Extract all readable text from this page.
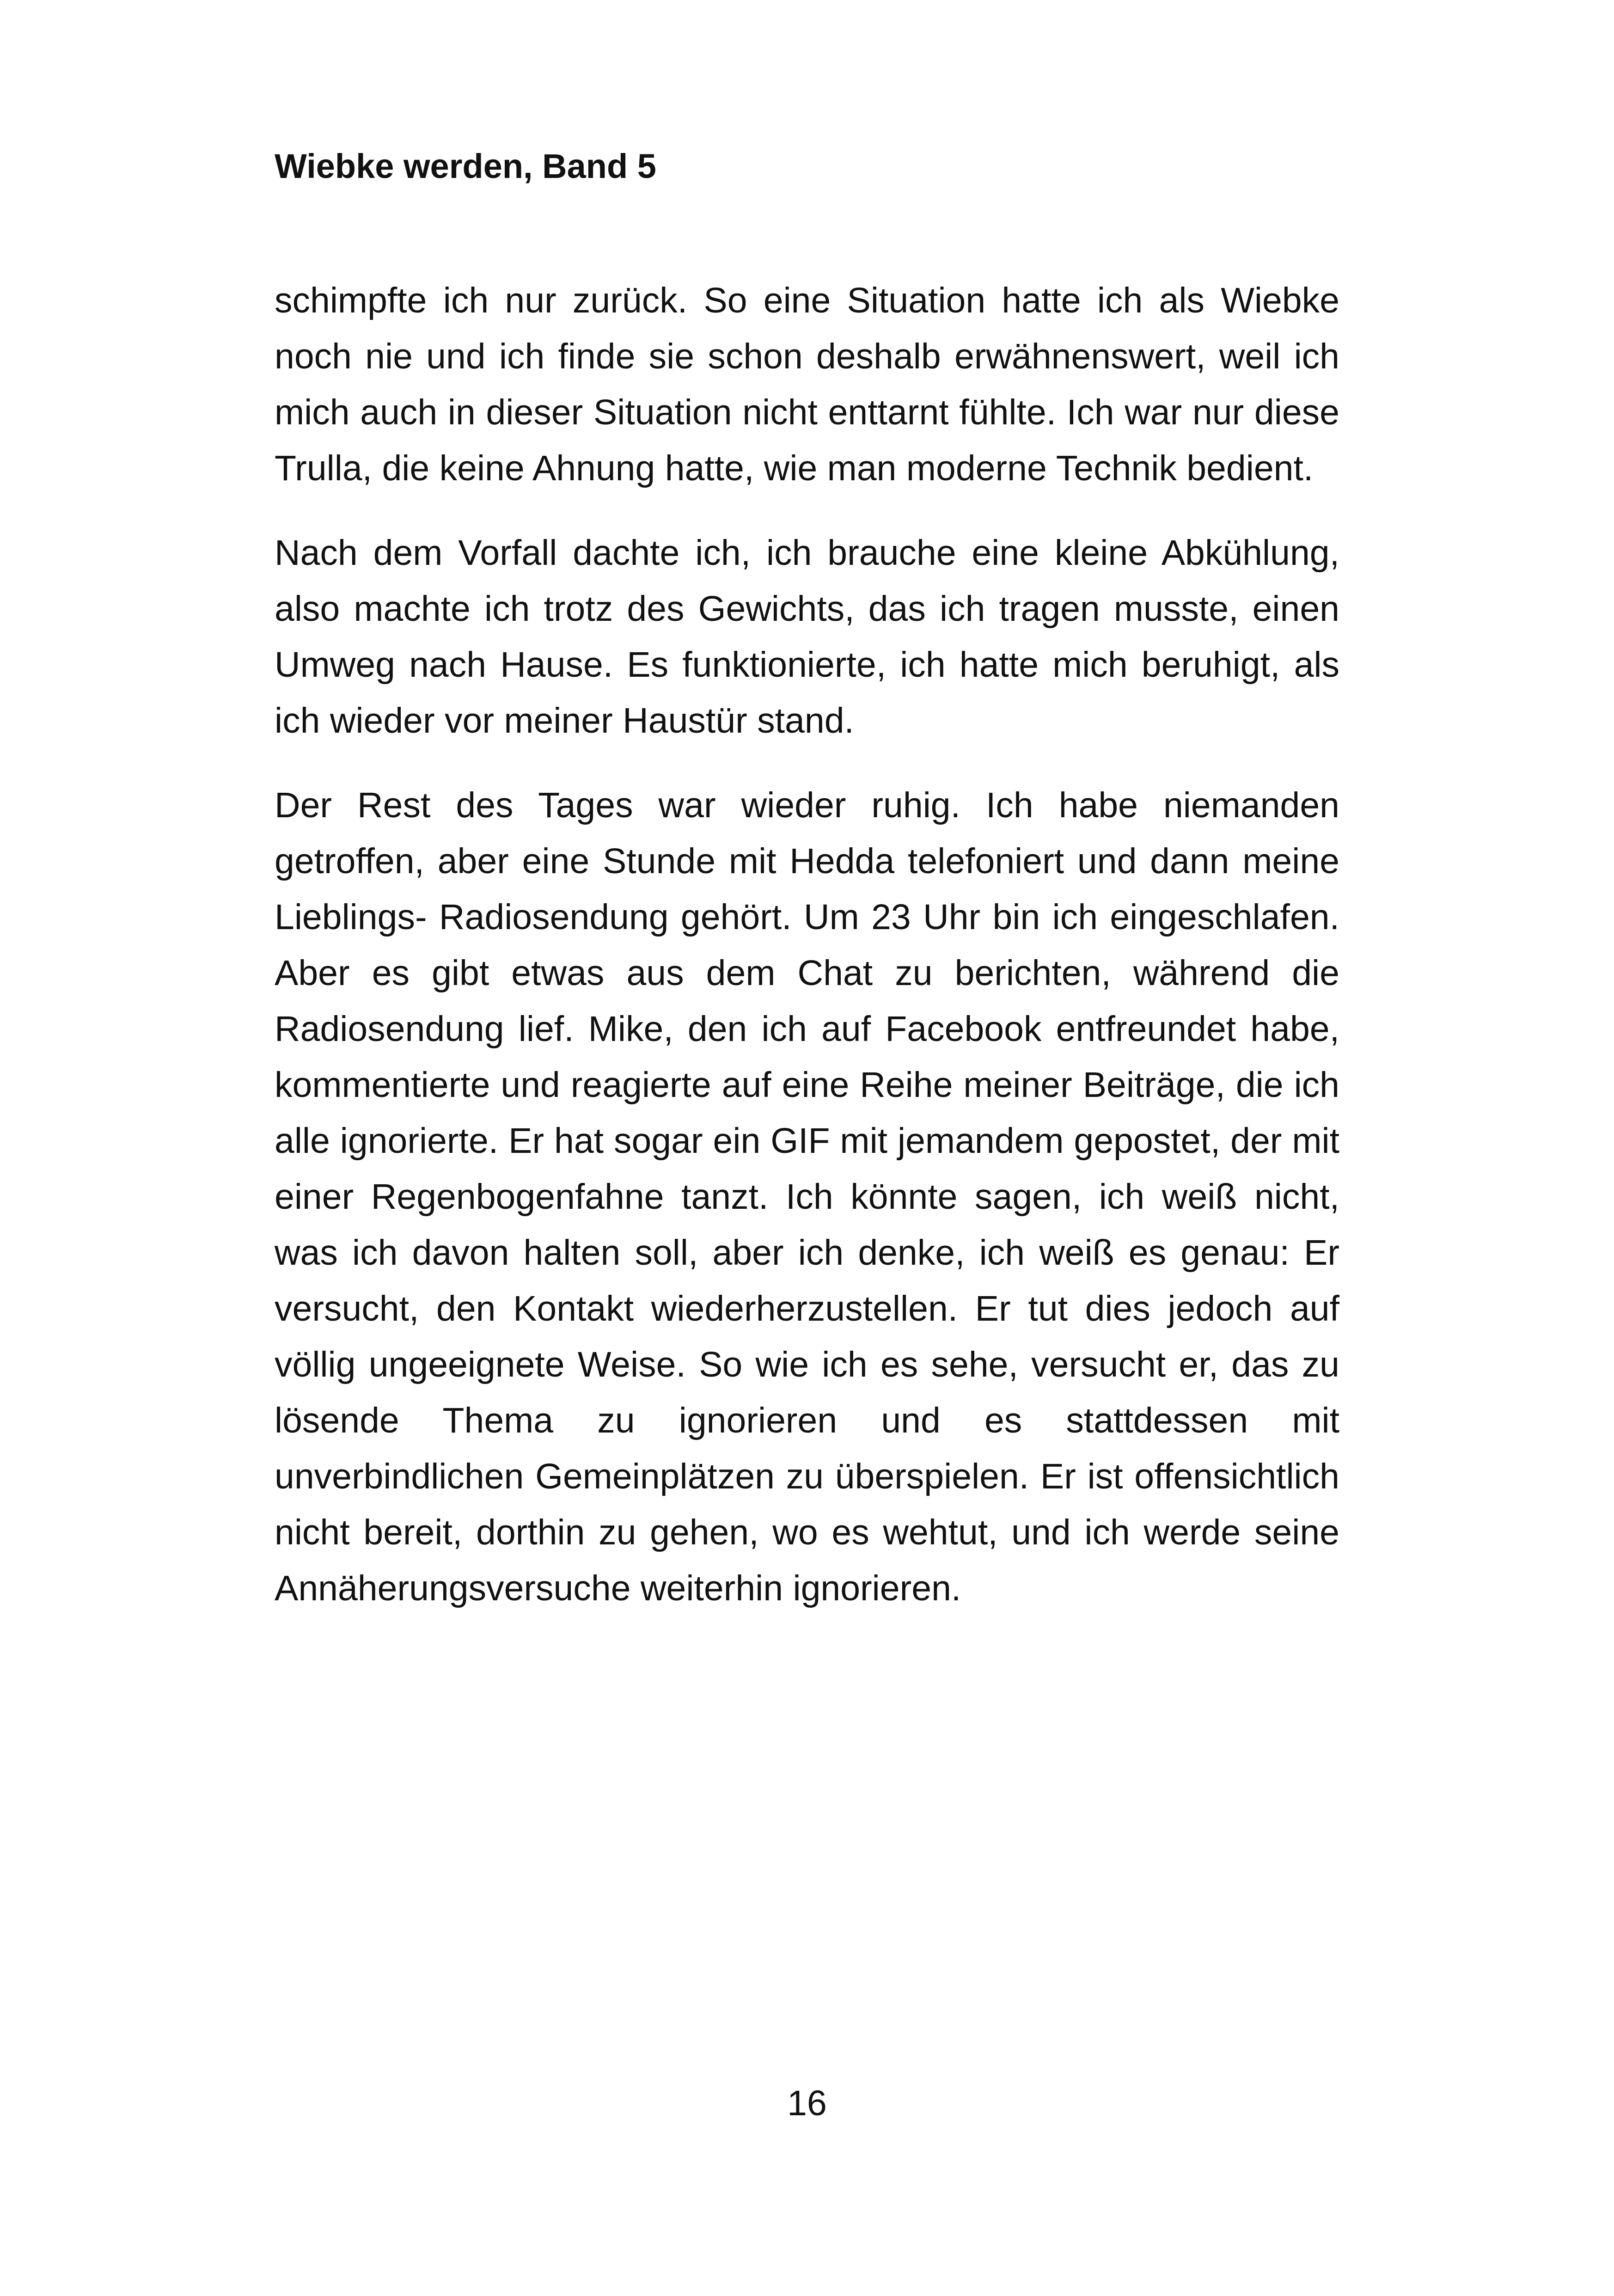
Wiebke werden, Band 5

schimpfte ich nur zurück. So eine Situation hatte ich als Wiebke noch nie und ich finde sie schon deshalb erwähnenswert, weil ich mich auch in dieser Situation nicht enttarnt fühlte. Ich war nur diese Trulla, die keine Ahnung hatte, wie man moderne Technik bedient.

Nach dem Vorfall dachte ich, ich brauche eine kleine Abkühlung, also machte ich trotz des Gewichts, das ich tragen musste, einen Umweg nach Hause. Es funktionierte, ich hatte mich beruhigt, als ich wieder vor meiner Haustür stand.

Der Rest des Tages war wieder ruhig. Ich habe niemanden getroffen, aber eine Stunde mit Hedda telefoniert und dann meine Lieblings- Radiosendung gehört. Um 23 Uhr bin ich eingeschlafen. Aber es gibt etwas aus dem Chat zu berichten, während die Radiosendung lief. Mike, den ich auf Facebook entfreundet habe, kommentierte und reagierte auf eine Reihe meiner Beiträge, die ich alle ignorierte. Er hat sogar ein GIF mit jemandem gepostet, der mit einer Regenbogenfahne tanzt. Ich könnte sagen, ich weiß nicht, was ich davon halten soll, aber ich denke, ich weiß es genau: Er versucht, den Kontakt wiederherzustellen. Er tut dies jedoch auf völlig ungeeignete Weise. So wie ich es sehe, versucht er, das zu lösende Thema zu ignorieren und es stattdessen mit unverbindlichen Gemeinplätzen zu überspielen. Er ist offensichtlich nicht bereit, dorthin zu gehen, wo es wehtut, und ich werde seine Annäherungsversuche weiterhin ignorieren.

16
